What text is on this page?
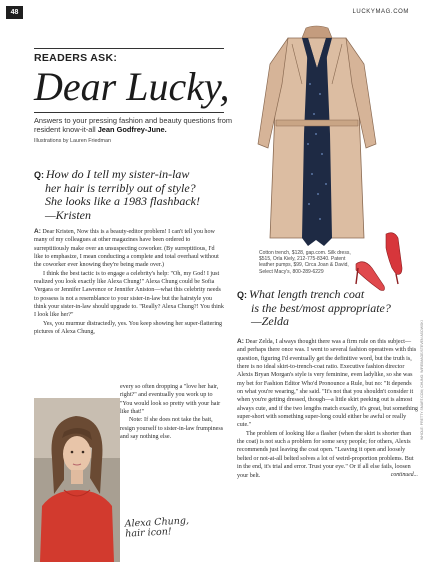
48	LUCKYMAG.COM
READERS ASK:
Dear Lucky,
Answers to your pressing fashion and beauty questions from resident know-it-all Jean Godfrey-June.
Illustrations by Lauren Friedman
Cotton trench, $128, gap.com. Silk dress, $515, Orla Kiely, 212-775-8340. Patent leather pumps, $99, Circa Joan & David, Select Macy's, 800-289-6229
Q: How do I tell my sister-in-law
her hair is terribly out of style?
She looks like a 1983 flashback!
—Kristen

A: Dear Kristen, Now this is a beauty-editor problem! I can't tell you how many of my colleagues at other magazines have been ordered to surreptitiously make over an unsuspecting coworker. (By surreptitious, I'd like to emphasize, I mean conducting a complete and total overhaul without the coworker ever knowing they're being made over.)

I think the best tactic is to engage a celebrity's help: "Oh, my God! I just realized you look exactly like Alexa Chung!" Alexa Chung could be Sofia Vergara or Jennifer Lawrence or Jennifer Aniston—what this celebrity needs to possess is not a resemblance to your sister-in-law but the hairstyle you think your sister-in-law should upgrade to. "Really? Alexa Chung?! You think I look like her?"

Yes, you murmur distractedly, yes. You keep showing her super-flattering pictures of Alexa Chung,

every so often dropping a "love her hair, right?" and eventually you work up to "You would look so pretty with your hair like that!"

Note: If she does not take the bait, resign yourself to sister-in-law frumpiness and say nothing else.

Alexa Chung,
hair icon!
Q: What length trench coat
is the best/most appropriate?
—Zelda

A: Dear Zelda, I always thought there was a firm rule on this subject—and perhaps there once was. I went to several fashion operatives with this question, figuring I'd eventually get the definitive word, but the truth is, there is no ideal skirt-to-trench-coat ratio. Executive fashion director Alexis Bryan Morgan's style is very feminine, even ladylike, so she was my bet for Fashion Editor Who'd Pronounce a Rule, but no: "It depends on what you're wearing," she said. "It's not that you shouldn't consider it when you're getting dressed, though—a little skirt peeking out is almost always cute, and if the two lengths match exactly, it's great, but something super-short with something super-long could either be awful or really cute."

The problem of looking like a flasher (when the skirt is shorter than the coat) is not such a problem for some sexy people; for others, Alexis recommends just leaving the coat open. "Leaving it open and loosely belted or not-at-all belted solves a lot of weird-proportion problems. But in the end, it's trial and error. Trust your eye." Or if all else fails, loosen your belt.	continued...

WHOLE: PRETTY SMART.COM; CHUNG: WIREIMAGE/STEVEN ASOWSKI
